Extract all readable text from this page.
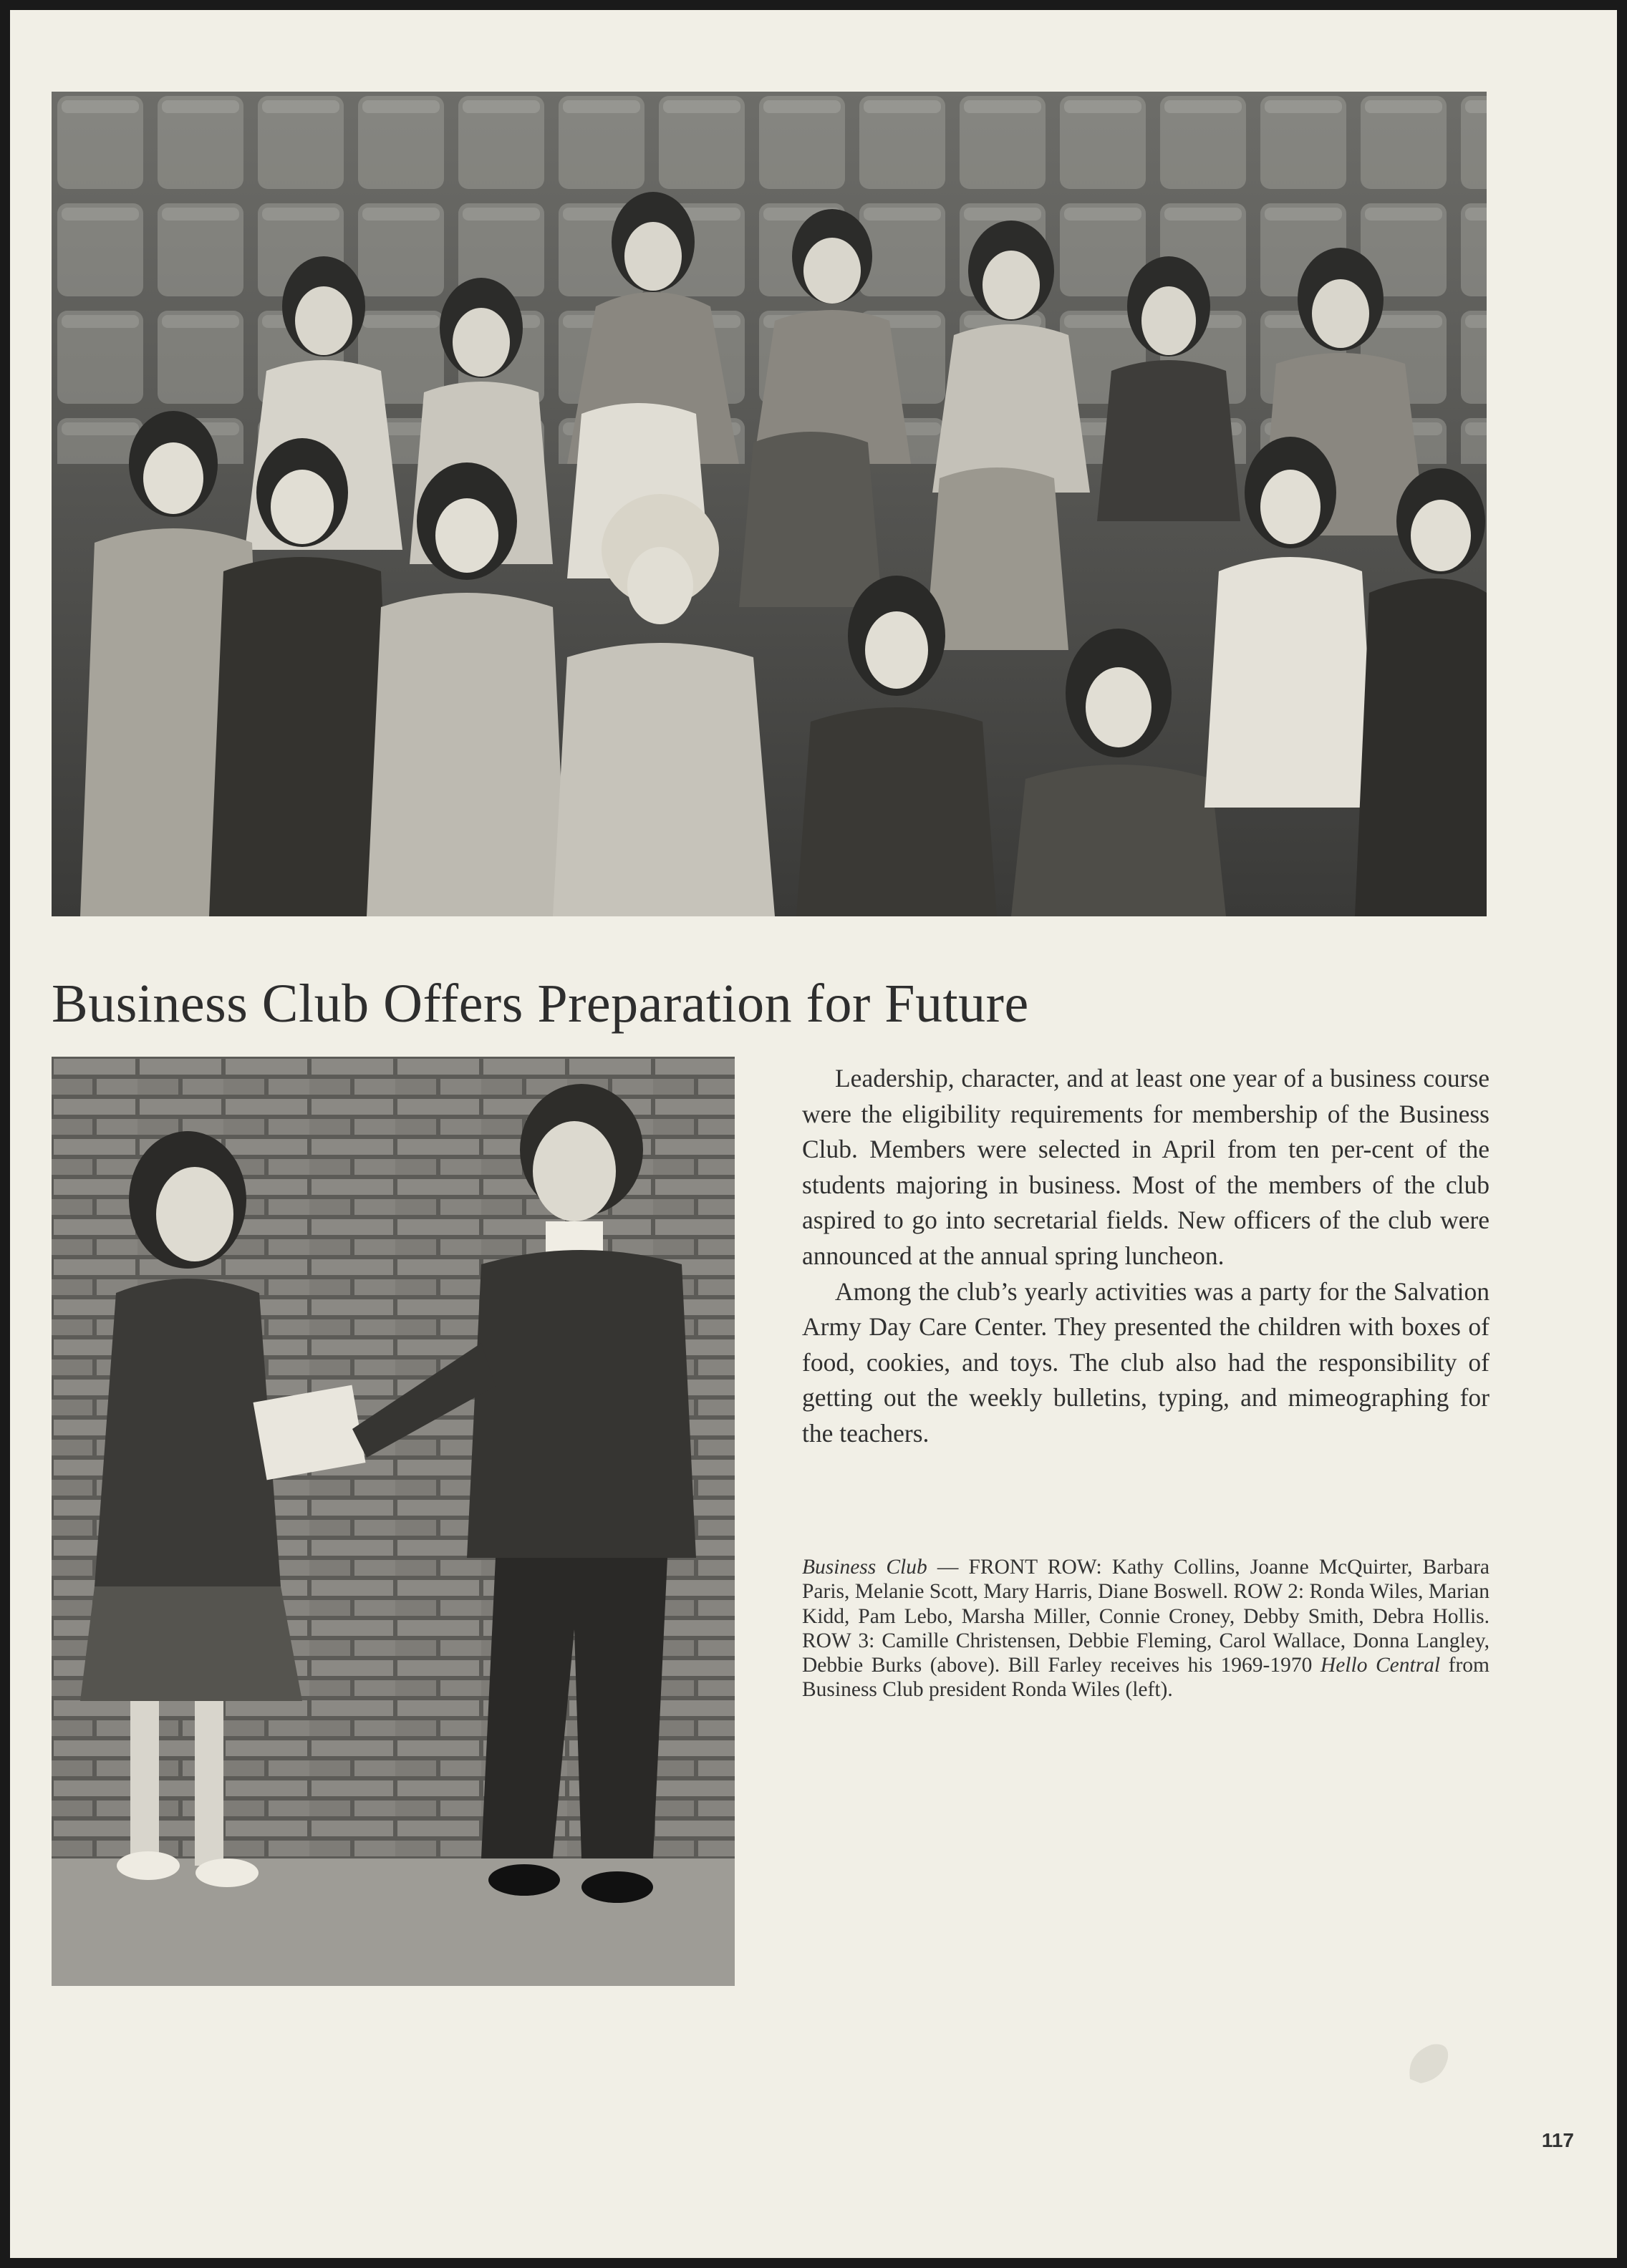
Business Club Offers Preparation for Future

Leadership, character, and at least one year of a business course were the eligibility requirements for membership of the Business Club. Members were selected in April from ten per-cent of the students majoring in business. Most of the members of the club aspired to go into secretarial fields. New officers of the club were announced at the annual spring luncheon.

Among the club’s yearly activities was a party for the Salvation Army Day Care Center. They presented the children with boxes of food, cookies, and toys. The club also had the responsibility of getting out the weekly bulletins, typing, and mimeographing for the teachers.

Business Club — FRONT ROW: Kathy Collins, Joanne McQuirter, Barbara Paris, Melanie Scott, Mary Harris, Diane Boswell. ROW 2: Ronda Wiles, Marian Kidd, Pam Lebo, Marsha Miller, Connie Croney, Debby Smith, Debra Hollis. ROW 3: Camille Christensen, Debbie Fleming, Carol Wallace, Donna Langley, Debbie Burks (above). Bill Farley receives his 1969-1970 Hello Central from Business Club president Ronda Wiles (left).
117
